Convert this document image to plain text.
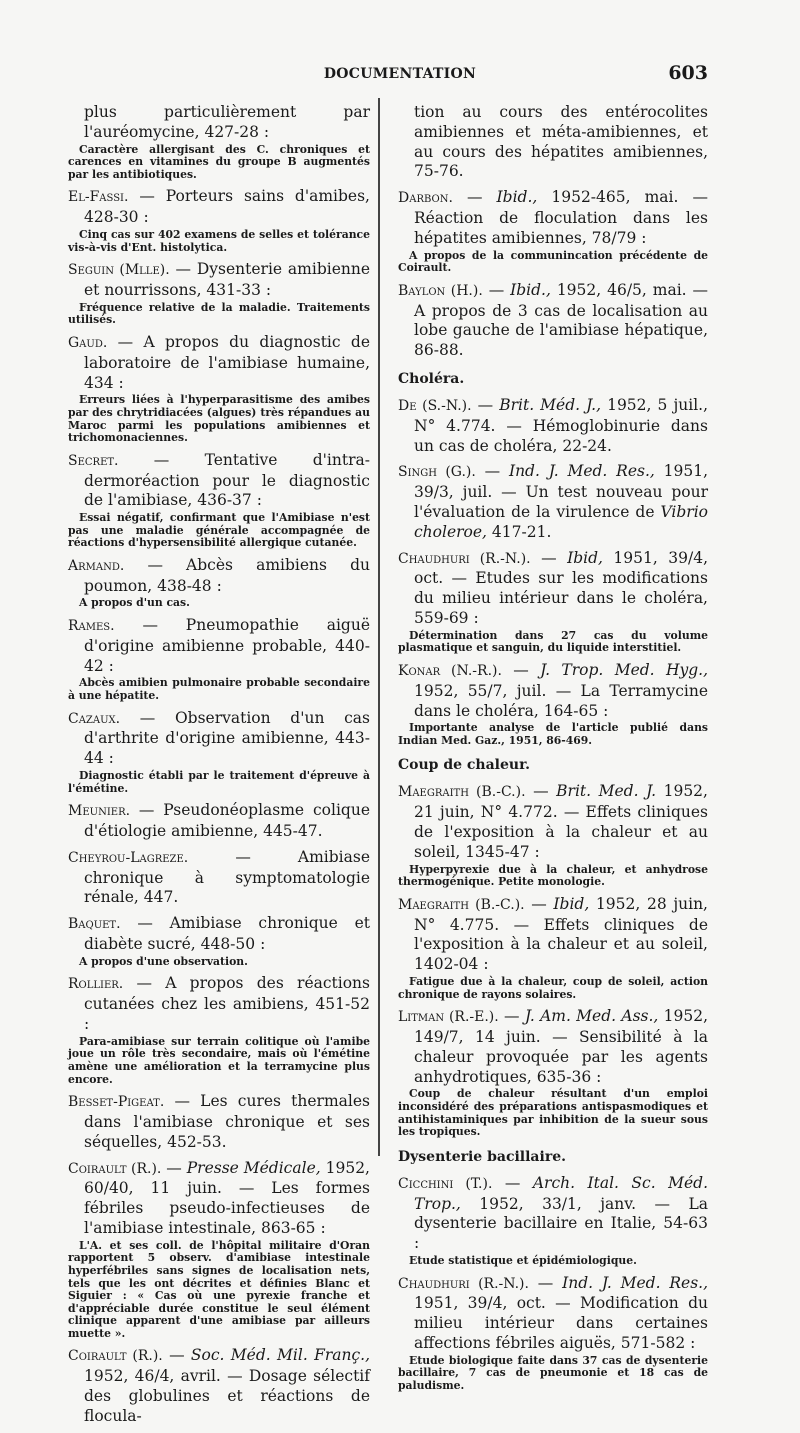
DOCUMENTATION	603
plus particulièrement par l'auréomycine, 427-28 :
Caractère allergisant des C. chroniques et carences en vitamines du groupe B augmentés par les antibiotiques.
El-Fassi. — Porteurs sains d'amibes, 428-30 :
Cinq cas sur 402 examens de selles et tolérance vis-à-vis d'Ent. histolytica.
Seguin (Mlle). — Dysenterie amibienne et nourrissons, 431-33 :
Fréquence relative de la maladie. Traitements utilisés.
Gaud. — A propos du diagnostic de laboratoire de l'amibiase humaine, 434 :
Erreurs liées à l'hyperparasitisme des amibes par des chrytridiacées (algues) très répandues au Maroc parmi les populations amibiennes et trichomonaciennes.
Secret. — Tentative d'intra-dermoréaction pour le diagnostic de l'amibiase, 436-37 :
Essai négatif, confirmant que l'Amibiase n'est pas une maladie générale accompagnée de réactions d'hypersensibilité allergique cutanée.
Armand. — Abcès amibiens du poumon, 438-48 :
A propos d'un cas.
Rames. — Pneumopathie aiguë d'origine amibienne probable, 440-42 :
Abcès amibien pulmonaire probable secondaire à une hépatite.
Cazaux. — Observation d'un cas d'arthrite d'origine amibienne, 443-44 :
Diagnostic établi par le traitement d'épreuve à l'émétine.
Meunier. — Pseudonéoplasme colique d'étiologie amibienne, 445-47.
Cheyrou-Lagreze. — Amibiase chronique à symptomatologie rénale, 447.
Baquet. — Amibiase chronique et diabète sucré, 448-50 :
A propos d'une observation.
Rollier. — A propos des réactions cutanées chez les amibiens, 451-52 :
Para-amibiase sur terrain colitique où l'amibe joue un rôle très secondaire, mais où l'émétine amène une amélioration et la terramycine plus encore.
Besset-Pigeat. — Les cures thermales dans l'amibiase chronique et ses séquelles, 452-53.
Coirault (R.). — Presse Médicale, 1952, 60/40, 11 juin. — Les formes fébriles pseudo-infectieuses de l'amibiase intestinale, 863-65 :
L'A. et ses coll. de l'hôpital militaire d'Oran rapportent 5 observ. d'amibiase intestinale hyperfébriles sans signes de localisation nets, tels que les ont décrites et définies Blanc et Siguier : « Cas où une pyrexie franche et d'appréciable durée constitue le seul élément clinique apparent d'une amibiase par ailleurs muette ».
Coirault (R.). — Soc. Méd. Mil. Franç., 1952, 46/4, avril. — Dosage sélectif des globulines et réactions de flocula-
tion au cours des entérocolites amibiennes et méta-amibiennes, et au cours des hépatites amibiennes, 75-76.
Darbon. — Ibid., 1952-465, mai. — Réaction de floculation dans les hépatites amibiennes, 78/79 :
A propos de la communincation précédente de Coirault.
Baylon (H.). — Ibid., 1952, 46/5, mai. — A propos de 3 cas de localisation au lobe gauche de l'amibiase hépatique, 86-88.
Choléra.
De (S.-N.). — Brit. Méd. J., 1952, 5 juil., N° 4.774. — Hémoglobinurie dans un cas de choléra, 22-24.
Singh (G.). — Ind. J. Med. Res., 1951, 39/3, juil. — Un test nouveau pour l'évaluation de la virulence de Vibrio choleroe, 417-21.
Chaudhuri (R.-N.). — Ibid, 1951, 39/4, oct. — Etudes sur les modifications du milieu intérieur dans le choléra, 559-69 :
Détermination dans 27 cas du volume plasmatique et sanguin, du liquide interstitiel.
Konar (N.-R.). — J. Trop. Med. Hyg., 1952, 55/7, juil. — La Terramycine dans le choléra, 164-65 :
Importante analyse de l'article publié dans Indian Med. Gaz., 1951, 86-469.
Coup de chaleur.
Maegraith (B.-C.). — Brit. Med. J. 1952, 21 juin, N° 4.772. — Effets cliniques de l'exposition à la chaleur et au soleil, 1345-47 :
Hyperpyrexie due à la chaleur, et anhydrose thermogénique. Petite monologie.
Maegraith (B.-C.). — Ibid, 1952, 28 juin, N° 4.775. — Effets cliniques de l'exposition à la chaleur et au soleil, 1402-04 :
Fatigue due à la chaleur, coup de soleil, action chronique de rayons solaires.
Litman (R.-E.). — J. Am. Med. Ass., 1952, 149/7, 14 juin. — Sensibilité à la chaleur provoquée par les agents anhydrotiques, 635-36 :
Coup de chaleur résultant d'un emploi inconsidéré des préparations antispasmodiques et antihistaminiques par inhibition de la sueur sous les tropiques.
Dysenterie bacillaire.
Cicchini (T.). — Arch. Ital. Sc. Méd. Trop., 1952, 33/1, janv. — La dysenterie bacillaire en Italie, 54-63 :
Etude statistique et épidémiologique.
Chaudhuri (R.-N.). — Ind. J. Med. Res., 1951, 39/4, oct. — Modification du milieu intérieur dans certaines affections fébriles aiguës, 571-582 :
Etude biologique faite dans 37 cas de dysenterie bacillaire, 7 cas de pneumonie et 18 cas de paludisme.
